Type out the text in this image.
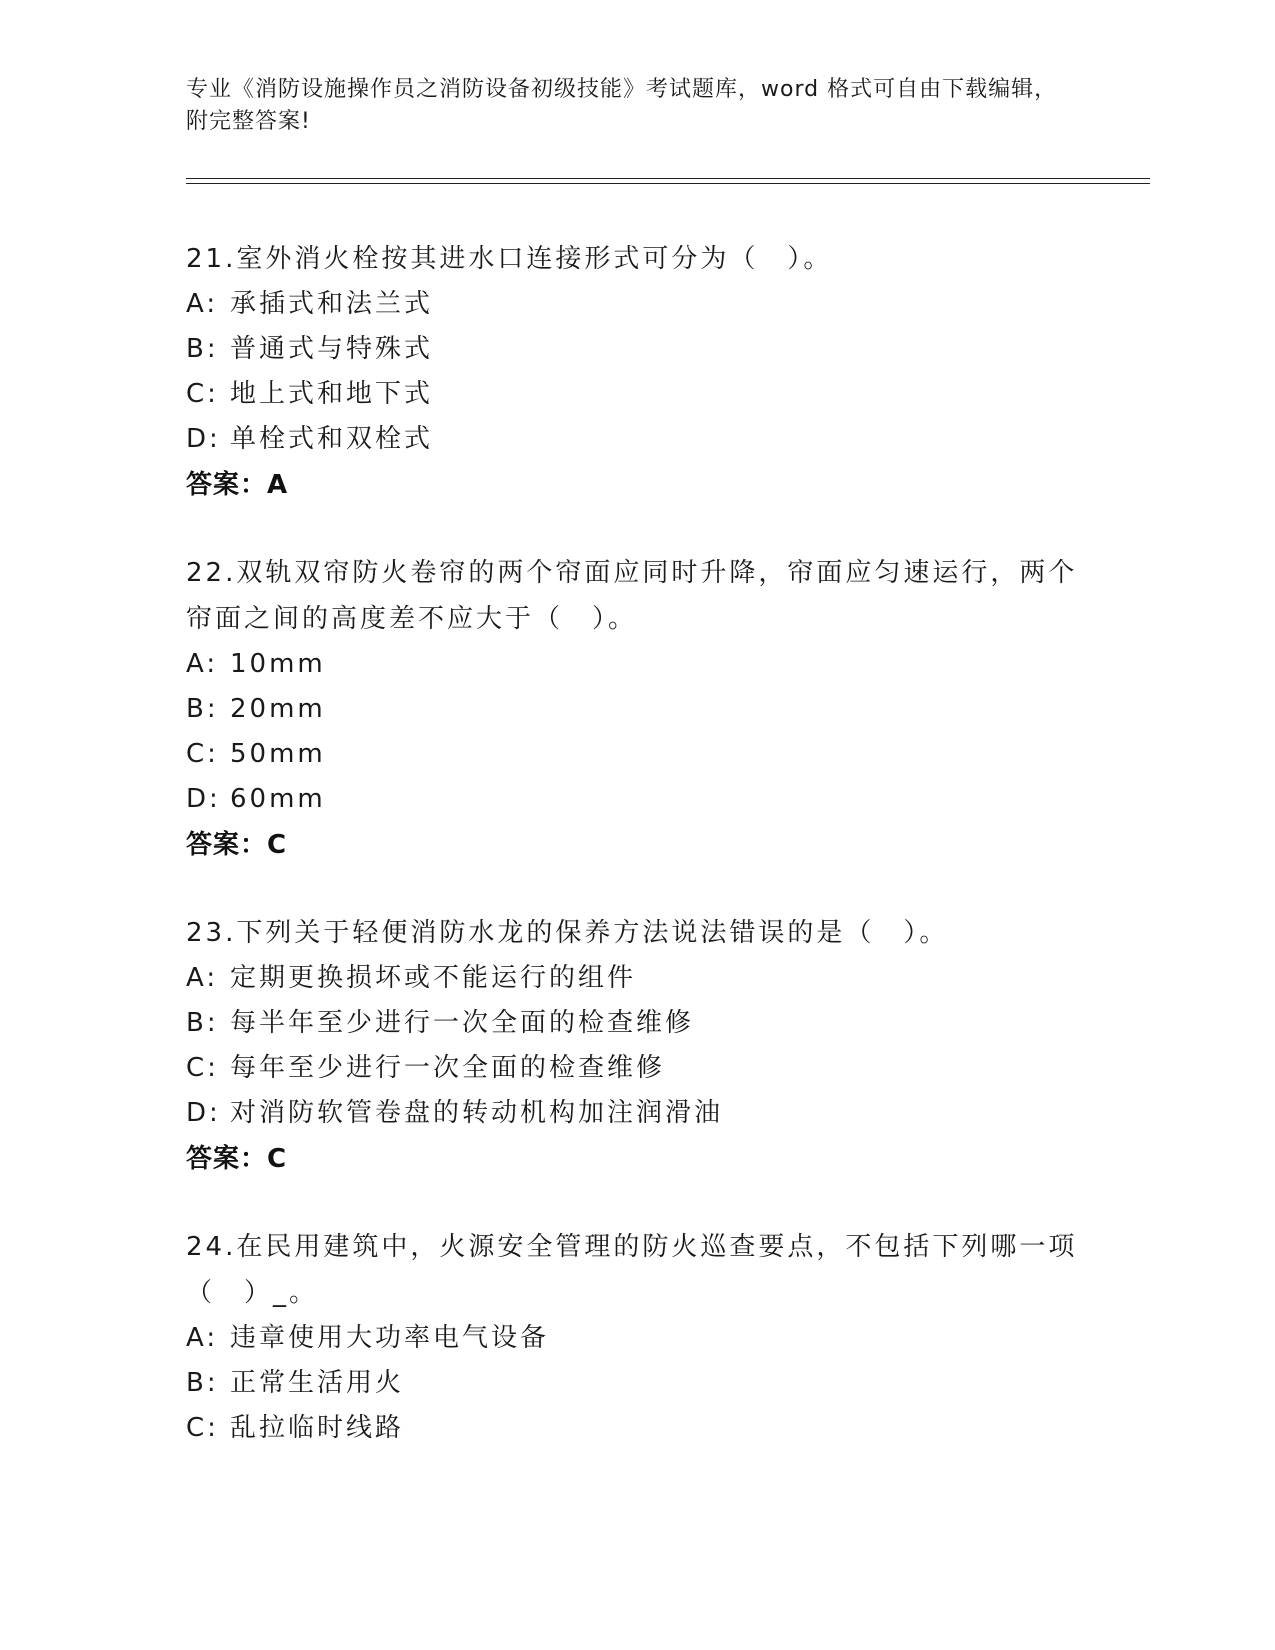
专业《消防设施操作员之消防设备初级技能》考试题库，word 格式可自由下载编辑，附完整答案!
21.室外消火栓按其进水口连接形式可分为（　）。
A: 承插式和法兰式
B: 普通式与特殊式
C: 地上式和地下式
D: 单栓式和双栓式
答案：A
22.双轨双帘防火卷帘的两个帘面应同时升降，帘面应匀速运行，两个帘面之间的高度差不应大于（　）。
A: 10mm
B: 20mm
C: 50mm
D: 60mm
答案：C
23.下列关于轻便消防水龙的保养方法说法错误的是（　）。
A: 定期更换损坏或不能运行的组件
B: 每半年至少进行一次全面的检查维修
C: 每年至少进行一次全面的检查维修
D: 对消防软管卷盘的转动机构加注润滑油
答案：C
24.在民用建筑中，火源安全管理的防火巡查要点，不包括下列哪一项（　）_。
A: 违章使用大功率电气设备
B: 正常生活用火
C: 乱拉临时线路
